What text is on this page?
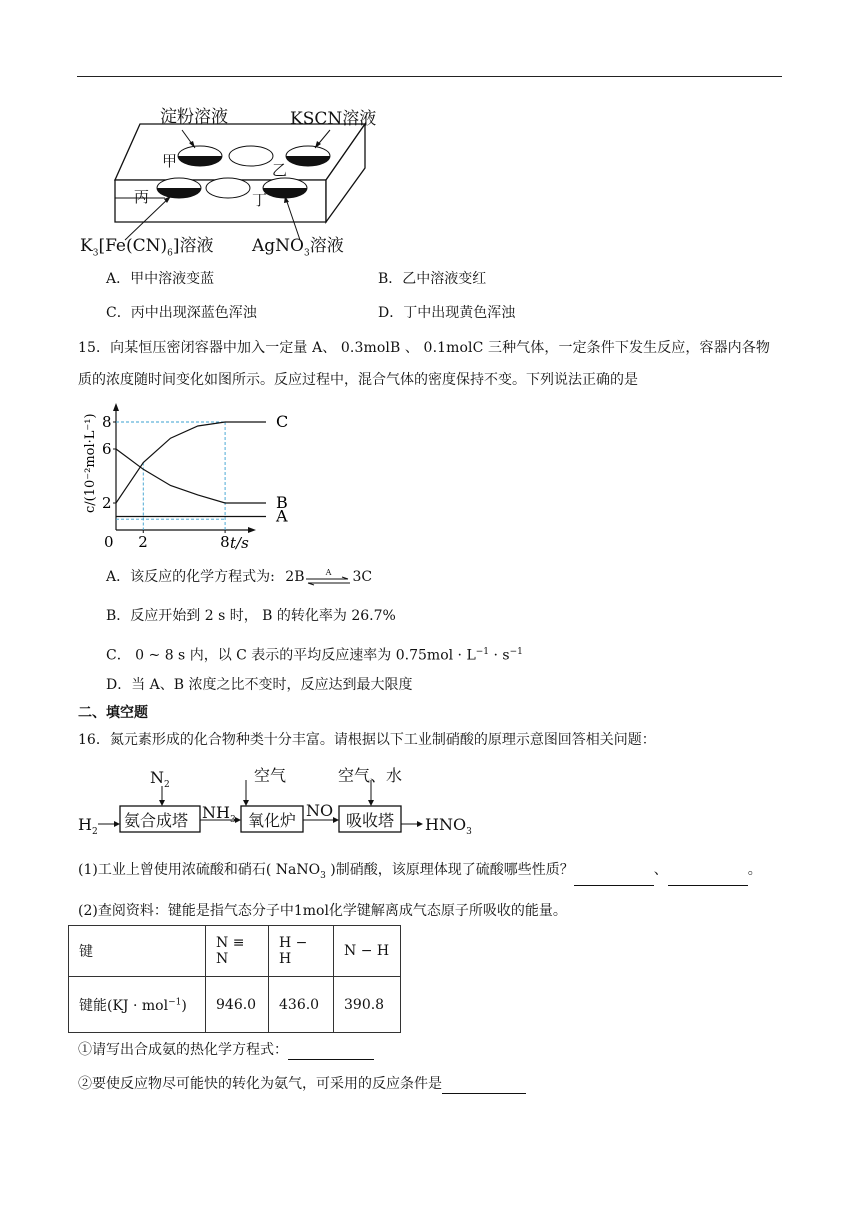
淀粉溶液	KSCN溶液
甲	乙
丙	丁
$K_3[Fe(CN)_6]$溶液 AgNO$_3$溶液
A．甲中溶液变蓝	B．乙中溶液变红
C．丙中出现深蓝色浑浊	D．丁中出现黄色浑浊
15．向某恒压密闭容器中加入一定量 A、 0.3molB 、 0.1molC 三种气体，一定条件下发生反应，容器内各物
质的浓度随时间变化如图所示。反应过程中，混合气体的密度保持不变。下列说法正确的是
C
B
A
2
6
8
2	8
0	t/s
c/(10⁻²mol·L⁻¹)
A．该反应的化学方程式为: 2B	A 3C
B．反应开始到 2 s 时， B 的转化率为 26.7%
C． 0 ~ 8 s 内，以 C 表示的平均反应速率为 $0.75mol \cdot L^{-1} \cdot s^{-1}$
D．当 A、B 浓度之比不变时，反应达到最大限度
二、填空题
16．氮元素形成的化合物种类十分丰富。请根据以下工业制硝酸的原理示意图回答相关问题：
$N_2$
空气	空气、水
$H_2$
氨合成塔 $NH_3$ 氧化炉
NO
吸收塔 $HNO_3$
(1)工业上曾使用浓硫酸和硝石( NaNO$_3$ )制硝酸，该原理体现了硫酸哪些性质？	、	。
(2)查阅资料：键能是指气态分子中1mol化学键解离成气态原子所吸收的能量。
键	N ≡ N	H − H	N − H
键能(KJ · mol$^{-1}$)	946.0	436.0	390.8
①请写出合成氨的热化学方程式：
②要使反应物尽可能快的转化为氨气，可采用的反应条件是
